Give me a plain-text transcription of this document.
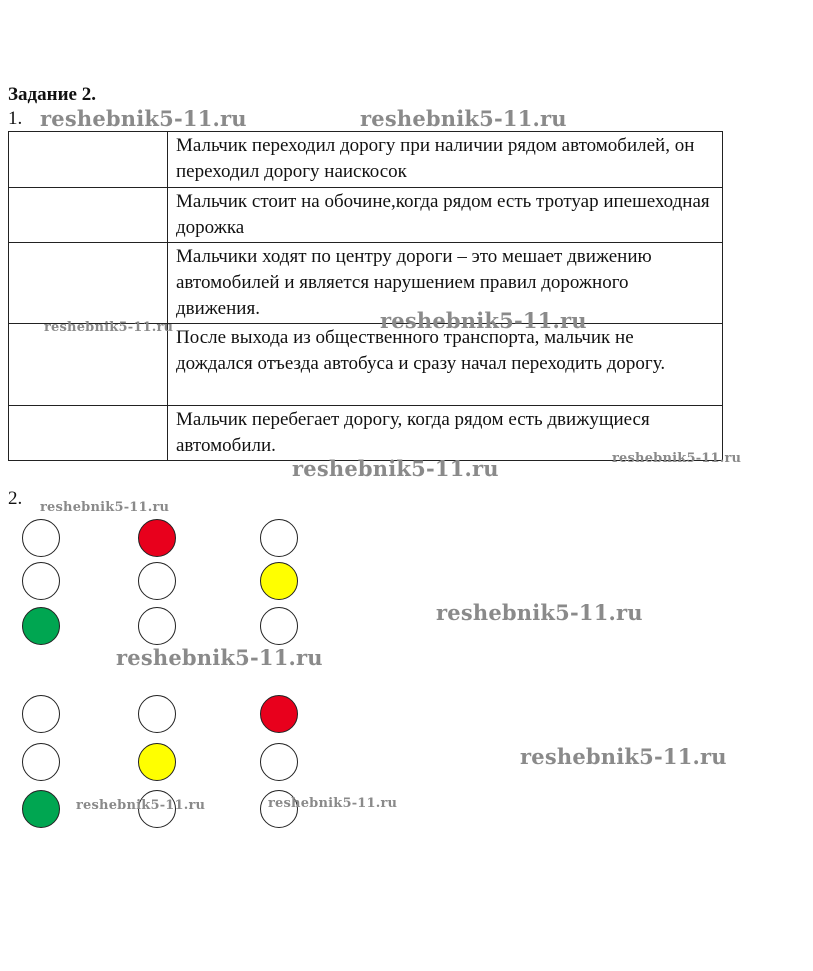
Задание 2.
1.
	Мальчик переходил дорогу при наличии рядом автомобилей, он переходил дорогу наискосок
	Мальчик стоит на обочине,когда рядом есть тротуар ипешеходная дорожка
	Мальчики ходят по центру дороги – это мешает движению автомобилей и является нарушением правил дорожного движения.
	После выхода из общественного транспорта, мальчик не дождался отъезда автобуса и сразу начал переходить дорогу.
	Мальчик перебегает дорогу, когда рядом есть движущиеся автомобили.
2.
reshebnik5-11.ru	reshebnik5-11.ru
reshebnik5-11.ru	reshebnik5-11.ru
reshebnik5-11.ru
reshebnik5-11.ru
reshebnik5-11.ru
reshebnik5-11.ru
reshebnik5-11.ru
reshebnik5-11.ru
reshebnik5-11.ru	reshebnik5-11.ru
